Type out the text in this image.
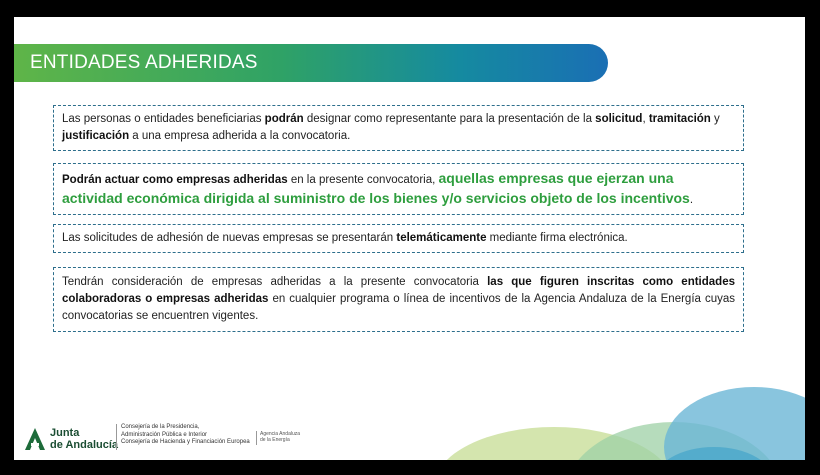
ENTIDADES ADHERIDAS
Las personas o entidades beneficiarias podrán designar como representante para la presentación de la solicitud, tramitación y justificación a una empresa adherida a la convocatoria.
Podrán actuar como empresas adheridas en la presente convocatoria, aquellas empresas que ejerzan una actividad económica dirigida al suministro de los bienes y/o servicios objeto de los incentivos.
Las solicitudes de adhesión de nuevas empresas se presentarán telemáticamente mediante firma electrónica.
Tendrán consideración de empresas adheridas a la presente convocatoria las que figuren inscritas como entidades colaboradoras o empresas adheridas en cualquier programa o línea de incentivos de la Agencia Andaluza de la Energía cuyas convocatorias se encuentren vigentes.
Junta
de Andalucía
Consejería de la Presidencia,
Administración Pública e Interior
Consejería de Hacienda y Financiación Europea
Agencia Andaluza
de la Energía
